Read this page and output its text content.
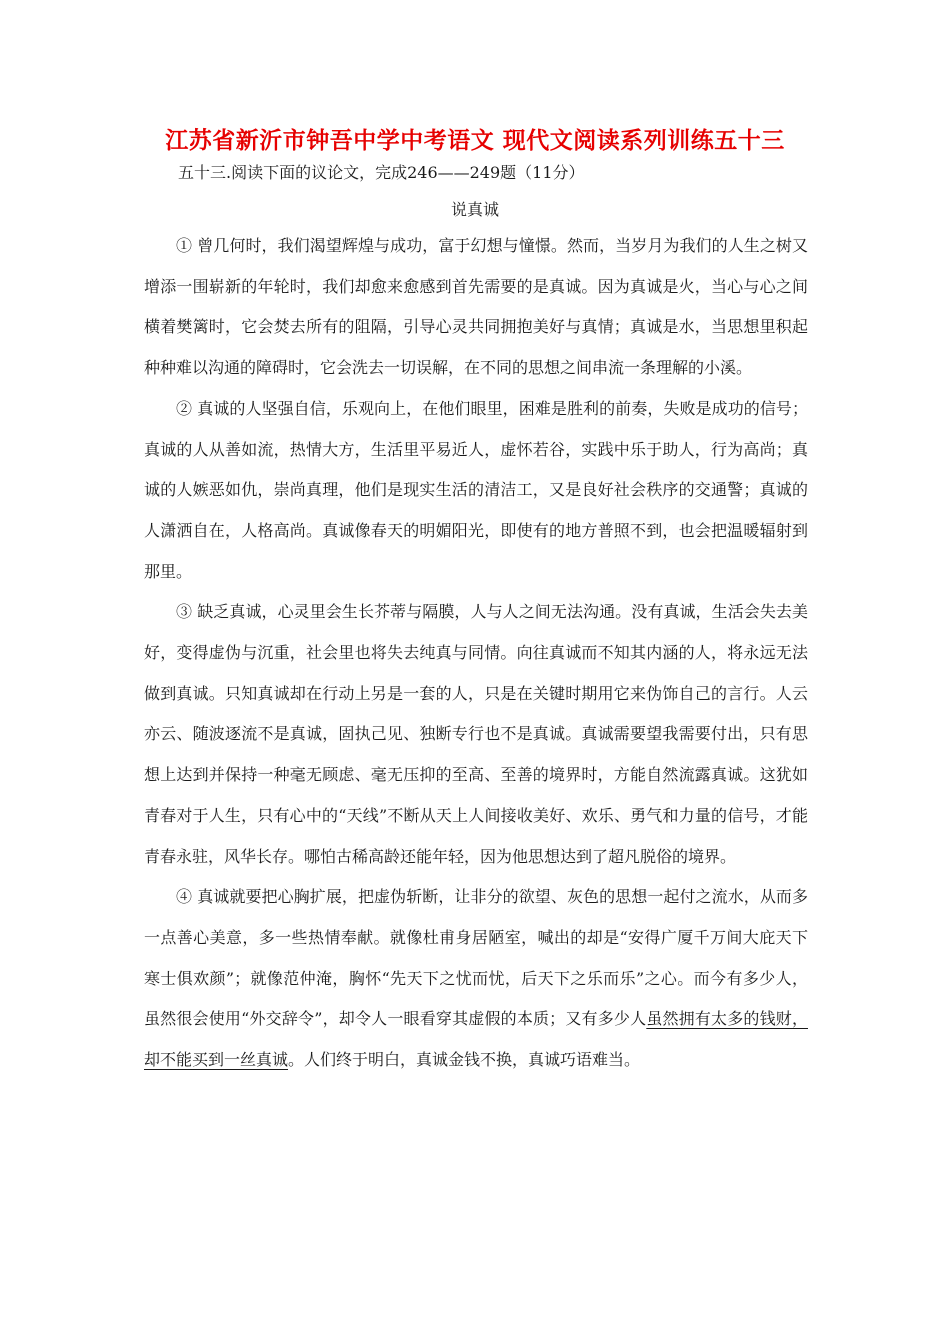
江苏省新沂市钟吾中学中考语文 现代文阅读系列训练五十三

五十三.阅读下面的议论文，完成246——249题（11分）

说真诚

① 曾几何时，我们渴望辉煌与成功，富于幻想与憧憬。然而，当岁月为我们的人生之树又增添一围崭新的年轮时，我们却愈来愈感到首先需要的是真诚。因为真诚是火，当心与心之间横着樊篱时，它会焚去所有的阻隔，引导心灵共同拥抱美好与真情；真诚是水，当思想里积起种种难以沟通的障碍时，它会洗去一切误解，在不同的思想之间串流一条理解的小溪。

② 真诚的人坚强自信，乐观向上，在他们眼里，困难是胜利的前奏，失败是成功的信号；真诚的人从善如流，热情大方，生活里平易近人，虚怀若谷，实践中乐于助人，行为高尚；真诚的人嫉恶如仇，崇尚真理，他们是现实生活的清洁工，又是良好社会秩序的交通警；真诚的人潇洒自在，人格高尚。真诚像春天的明媚阳光，即使有的地方普照不到，也会把温暖辐射到那里。

③ 缺乏真诚，心灵里会生长芥蒂与隔膜，人与人之间无法沟通。没有真诚，生活会失去美好，变得虚伪与沉重，社会里也将失去纯真与同情。向往真诚而不知其内涵的人，将永远无法做到真诚。只知真诚却在行动上另是一套的人，只是在关键时期用它来伪饰自己的言行。人云亦云、随波逐流不是真诚，固执己见、独断专行也不是真诚。真诚需要望我需要付出，只有思想上达到并保持一种毫无顾虑、毫无压抑的至高、至善的境界时，方能自然流露真诚。这犹如青春对于人生，只有心中的“天线”不断从天上人间接收美好、欢乐、勇气和力量的信号，才能青春永驻，风华长存。哪怕古稀高龄还能年轻，因为他思想达到了超凡脱俗的境界。

④ 真诚就要把心胸扩展，把虚伪斩断，让非分的欲望、灰色的思想一起付之流水，从而多一点善心美意，多一些热情奉献。就像杜甫身居陋室，喊出的却是“安得广厦千万间大庇天下寒士俱欢颜”；就像范仲淹，胸怀“先天下之忧而忧，后天下之乐而乐”之心。而今有多少人，虽然很会使用“外交辞令”，却令人一眼看穿其虚假的本质；又有多少人虽然拥有太多的钱财，却不能买到一丝真诚。人们终于明白，真诚金钱不换，真诚巧语难当。
